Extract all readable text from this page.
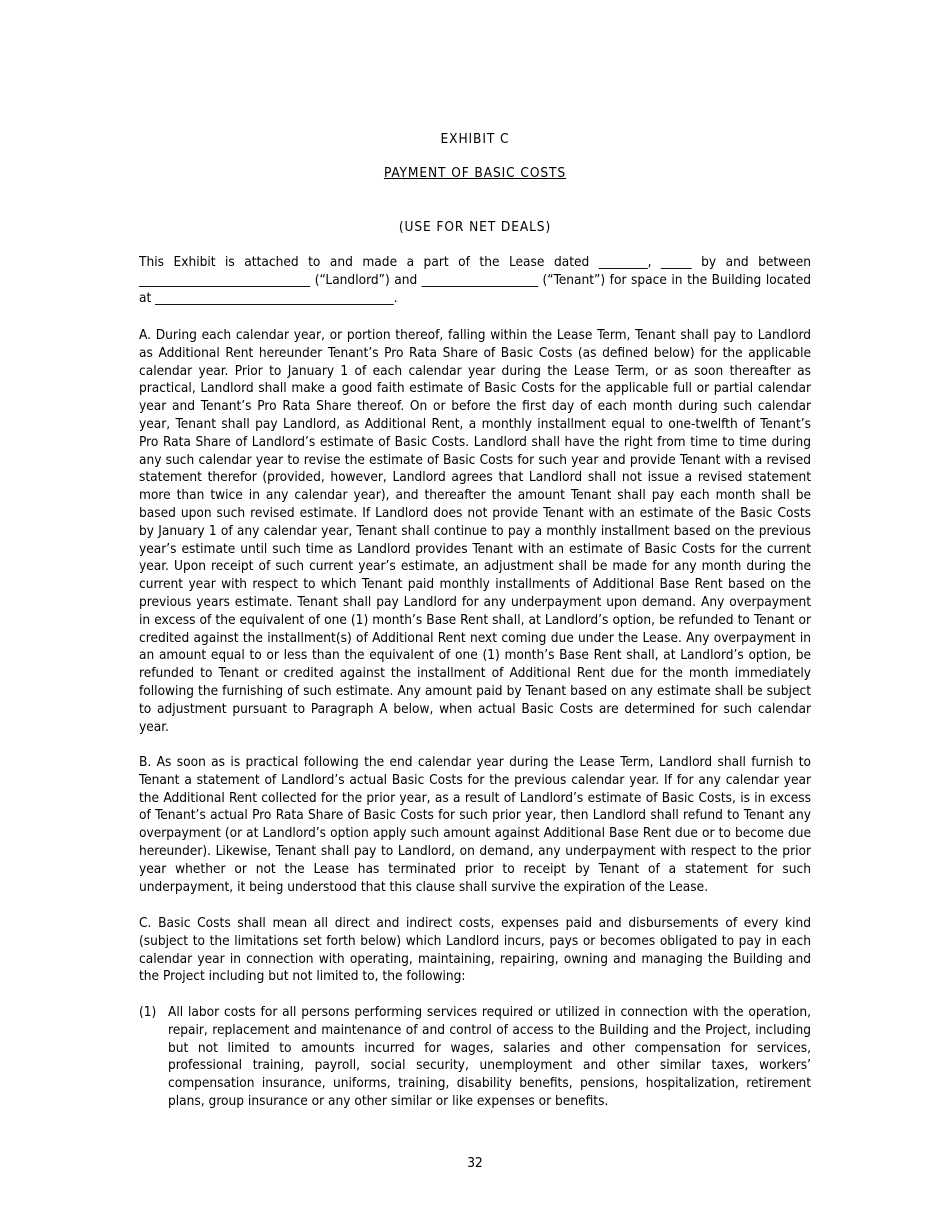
EXHIBIT C
PAYMENT OF BASIC COSTS
(USE FOR NET DEALS)
This Exhibit is attached to and made a part of the Lease dated ________, _____ by and between ____________________________ (“Landlord”) and ___________________ (“Tenant”) for space in the Building located at _______________________________________.
A. During each calendar year, or portion thereof, falling within the Lease Term, Tenant shall pay to Landlord as Additional Rent hereunder Tenant’s Pro Rata Share of Basic Costs (as defined below) for the applicable calendar year. Prior to January 1 of each calendar year during the Lease Term, or as soon thereafter as practical, Landlord shall make a good faith estimate of Basic Costs for the applicable full or partial calendar year and Tenant’s Pro Rata Share thereof. On or before the first day of each month during such calendar year, Tenant shall pay Landlord, as Additional Rent, a monthly installment equal to one-twelfth of Tenant’s Pro Rata Share of Landlord’s estimate of Basic Costs. Landlord shall have the right from time to time during any such calendar year to revise the estimate of Basic Costs for such year and provide Tenant with a revised statement therefor (provided, however, Landlord agrees that Landlord shall not issue a revised statement more than twice in any calendar year), and thereafter the amount Tenant shall pay each month shall be based upon such revised estimate. If Landlord does not provide Tenant with an estimate of the Basic Costs by January 1 of any calendar year, Tenant shall continue to pay a monthly installment based on the previous year’s estimate until such time as Landlord provides Tenant with an estimate of Basic Costs for the current year. Upon receipt of such current year’s estimate, an adjustment shall be made for any month during the current year with respect to which Tenant paid monthly installments of Additional Base Rent based on the previous years estimate. Tenant shall pay Landlord for any underpayment upon demand. Any overpayment in excess of the equivalent of one (1) month’s Base Rent shall, at Landlord’s option, be refunded to Tenant or credited against the installment(s) of Additional Rent next coming due under the Lease. Any overpayment in an amount equal to or less than the equivalent of one (1) month’s Base Rent shall, at Landlord’s option, be refunded to Tenant or credited against the installment of Additional Rent due for the month immediately following the furnishing of such estimate. Any amount paid by Tenant based on any estimate shall be subject to adjustment pursuant to Paragraph A below, when actual Basic Costs are determined for such calendar year.
B. As soon as is practical following the end calendar year during the Lease Term, Landlord shall furnish to Tenant a statement of Landlord’s actual Basic Costs for the previous calendar year. If for any calendar year the Additional Rent collected for the prior year, as a result of Landlord’s estimate of Basic Costs, is in excess of Tenant’s actual Pro Rata Share of Basic Costs for such prior year, then Landlord shall refund to Tenant any overpayment (or at Landlord’s option apply such amount against Additional Base Rent due or to become due hereunder). Likewise, Tenant shall pay to Landlord, on demand, any underpayment with respect to the prior year whether or not the Lease has terminated prior to receipt by Tenant of a statement for such underpayment, it being understood that this clause shall survive the expiration of the Lease.
C. Basic Costs shall mean all direct and indirect costs, expenses paid and disbursements of every kind (subject to the limitations set forth below) which Landlord incurs, pays or becomes obligated to pay in each calendar year in connection with operating, maintaining, repairing, owning and managing the Building and the Project including but not limited to, the following:
(1) All labor costs for all persons performing services required or utilized in connection with the operation, repair, replacement and maintenance of and control of access to the Building and the Project, including but not limited to amounts incurred for wages, salaries and other compensation for services, professional training, payroll, social security, unemployment and other similar taxes, workers’ compensation insurance, uniforms, training, disability benefits, pensions, hospitalization, retirement plans, group insurance or any other similar or like expenses or benefits.
32
